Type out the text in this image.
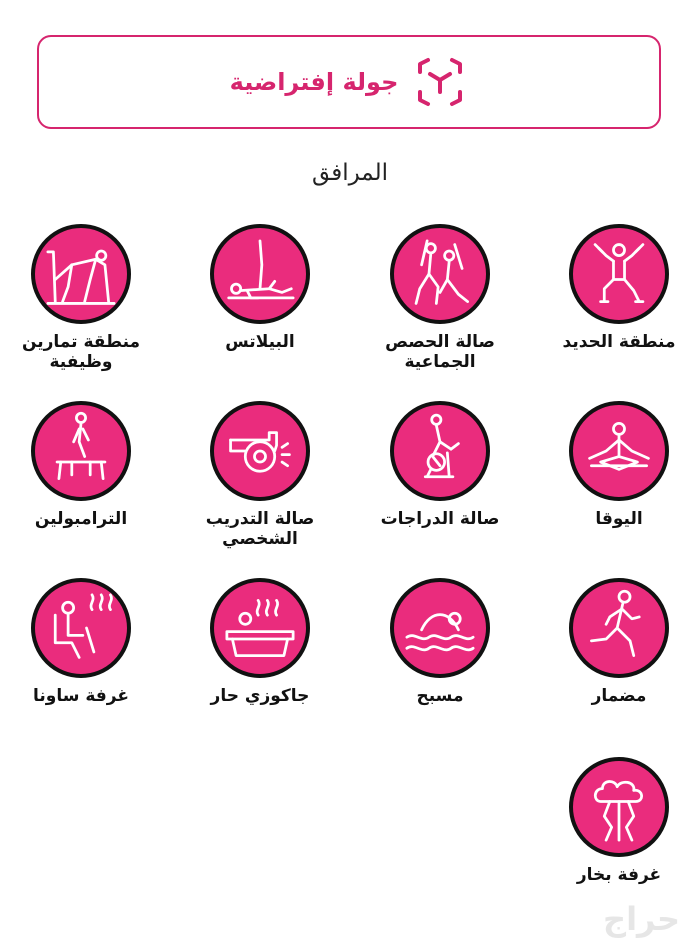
جولة إفتراضية
المرافق
منطقة الحديد
صالة الحصص الجماعية
البيلاتس
منطقة تمارين وظيفية
اليوقا
صالة الدراجات
صالة التدريب الشخصي
الترامبولين
مضمار
مسبح
جاكوزي حار
غرفة ساونا
غرفة بخار
حراج
